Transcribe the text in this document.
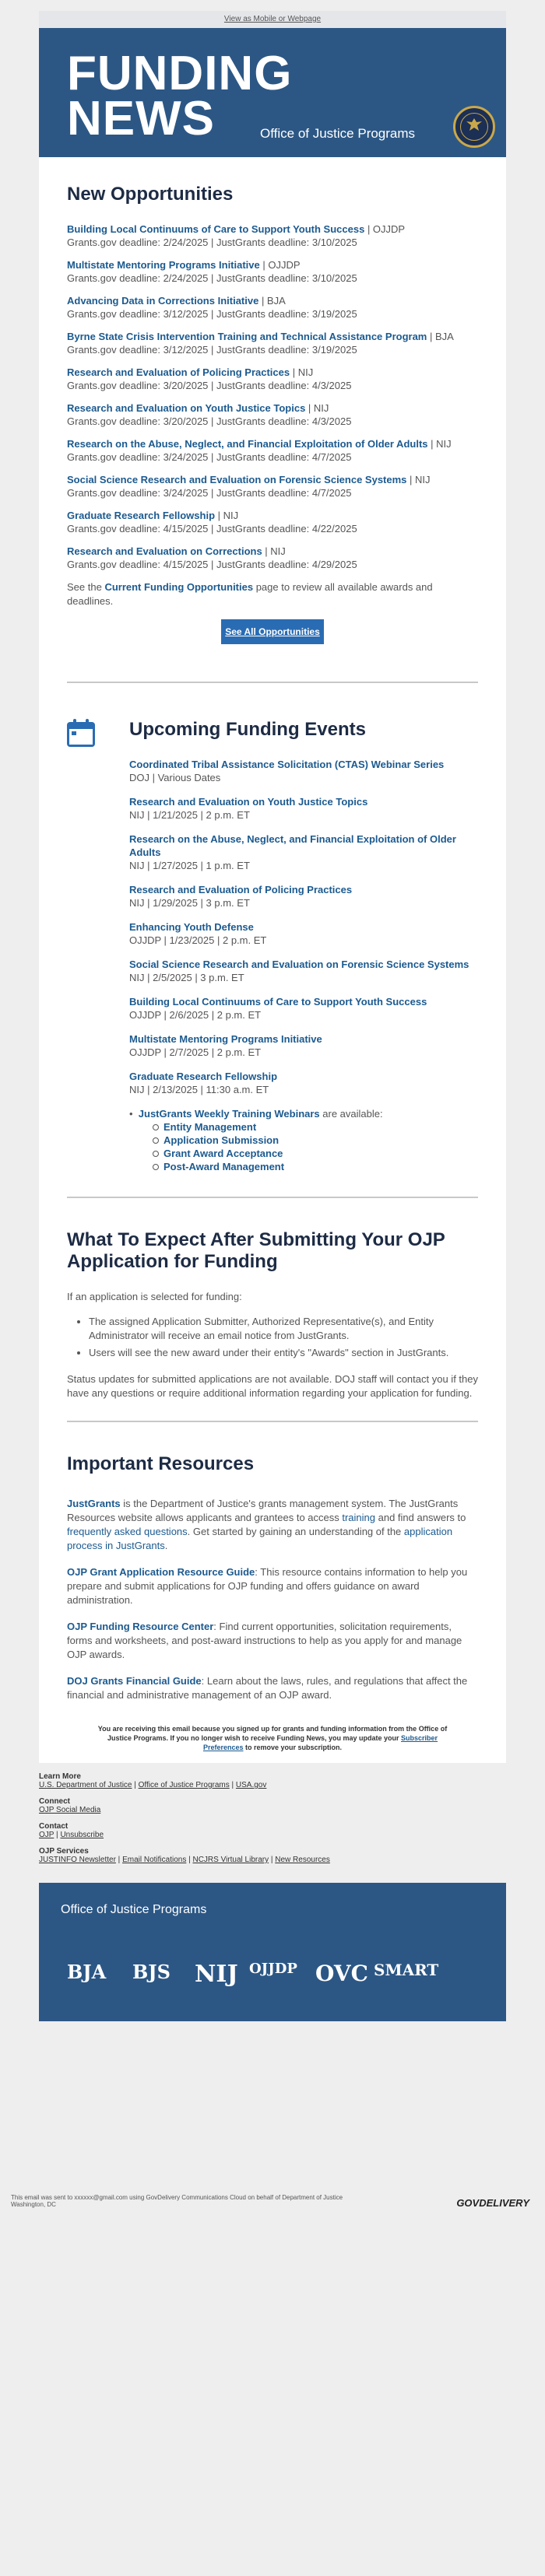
View as Mobile or Webpage
FUNDING
NEWS	Office of Justice Programs
New Opportunities
Building Local Continuums of Care to Support Youth Success | OJJDP
Grants.gov deadline: 2/24/2025 | JustGrants deadline: 3/10/2025
Multistate Mentoring Programs Initiative | OJJDP
Grants.gov deadline: 2/24/2025 | JustGrants deadline: 3/10/2025
Advancing Data in Corrections Initiative | BJA
Grants.gov deadline: 3/12/2025 | JustGrants deadline: 3/19/2025
Byrne State Crisis Intervention Training and Technical Assistance Program | BJA
Grants.gov deadline: 3/12/2025 | JustGrants deadline: 3/19/2025
Research and Evaluation of Policing Practices | NIJ
Grants.gov deadline: 3/20/2025 | JustGrants deadline: 4/3/2025
Research and Evaluation on Youth Justice Topics | NIJ
Grants.gov deadline: 3/20/2025 | JustGrants deadline: 4/3/2025
Research on the Abuse, Neglect, and Financial Exploitation of Older Adults | NIJ
Grants.gov deadline: 3/24/2025 | JustGrants deadline: 4/7/2025
Social Science Research and Evaluation on Forensic Science Systems | NIJ
Grants.gov deadline: 3/24/2025 | JustGrants deadline: 4/7/2025
Graduate Research Fellowship | NIJ
Grants.gov deadline: 4/15/2025 | JustGrants deadline: 4/22/2025
Research and Evaluation on Corrections | NIJ
Grants.gov deadline: 4/15/2025 | JustGrants deadline: 4/29/2025
See the Current Funding Opportunities page to review all available awards and deadlines.
See All Opportunities
Upcoming Funding Events
Coordinated Tribal Assistance Solicitation (CTAS) Webinar Series
DOJ | Various Dates
Research and Evaluation on Youth Justice Topics
NIJ | 1/21/2025 | 2 p.m. ET
Research on the Abuse, Neglect, and Financial Exploitation of Older Adults
NIJ | 1/27/2025 | 1 p.m. ET
Research and Evaluation of Policing Practices
NIJ | 1/29/2025 | 3 p.m. ET
Enhancing Youth Defense
OJJDP | 1/23/2025 | 2 p.m. ET
Social Science Research and Evaluation on Forensic Science Systems
NIJ | 2/5/2025 | 3 p.m. ET
Building Local Continuums of Care to Support Youth Success
OJJDP | 2/6/2025 | 2 p.m. ET
Multistate Mentoring Programs Initiative
OJJDP | 2/7/2025 | 2 p.m. ET
Graduate Research Fellowship
NIJ | 2/13/2025 | 11:30 a.m. ET
•  JustGrants Weekly Training Webinars are available:
Entity Management
Application Submission
Grant Award Acceptance
Post-Award Management
What To Expect After Submitting Your OJP Application for Funding
If an application is selected for funding:
• The assigned Application Submitter, Authorized Representative(s), and Entity Administrator will receive an email notice from JustGrants.
• Users will see the new award under their entity's "Awards" section in JustGrants.
Status updates for submitted applications are not available. DOJ staff will contact you if they have any questions or require additional information regarding your application for funding.
Important Resources
JustGrants is the Department of Justice's grants management system. The JustGrants Resources website allows applicants and grantees to access training and find answers to frequently asked questions. Get started by gaining an understanding of the application process in JustGrants.
OJP Grant Application Resource Guide: This resource contains information to help you prepare and submit applications for OJP funding and offers guidance on award administration.
OJP Funding Resource Center: Find current opportunities, solicitation requirements, forms and worksheets, and post-award instructions to help as you apply for and manage OJP awards.
DOJ Grants Financial Guide: Learn about the laws, rules, and regulations that affect the financial and administrative management of an OJP award.
You are receiving this email because you signed up for grants and funding information from the Office of Justice Programs. If you no longer wish to receive Funding News, you may update your Subscriber Preferences to remove your subscription.
Learn More
U.S. Department of Justice | Office of Justice Programs | USA.gov
Connect
OJP Social Media
Contact
OJP | Unsubscribe
OJP Services
JUSTINFO Newsletter | Email Notifications | NCJRS Virtual Library | New Resources
Office of Justice Programs
BJA BJS NIJ OJJDP OVC SMART
This email was sent to xxxxxx@gmail.com using GovDelivery Communications Cloud on behalf of Department of Justice
Washington, DC	GOVDELIVERY
